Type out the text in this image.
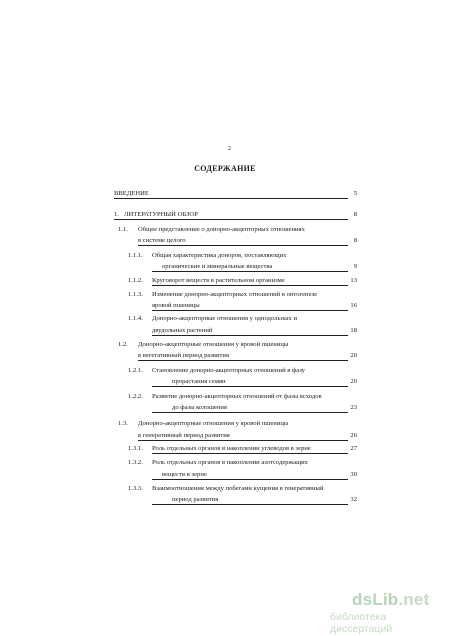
2
СОДЕРЖАНИЕ
ВВЕДЕНИЕ	5
1. ЛИТЕРАТУРНЫЙ ОБЗОР	8
1.1. Общее представление о донорно-акцепторных отношениях
в системе целого	8
1.1.1. Общая характеристика доноров, поставляющих
органические и минеральные вещества	9
1.1.2. Круговорот веществ в растительном организме	13
1.1.3. Изменение донорно-акцепторных отношений в онтогенезе
яровой пшеницы	16
1.1.4. Донорно-акцепторные отношения у однодольных и
двудольных растений	18
1.2. Донорно-акцепторные отношения у яровой пшеницы
в вегетативный период развития	20
1.2.1. Становление донорно-акцепторных отношений в фазу
прорастания семян	20
1.2.2. Развитие донорно-акцепторных отношений от фазы всходов
до фазы колошения	23
1.3. Донорно-акцепторные отношения у яровой пшеницы
в генеративный период развития	26
1.3.1. Роль отдельных органов в накоплении углеводов в зерне	27
1.3.2. Роль отдельных органов в накоплении азотсодержащих
веществ в зерне	30
1.3.3. Взаимоотношения между побегами кущения в генеративный
период развития	32
dsLib.net
библиотека диссертаций
